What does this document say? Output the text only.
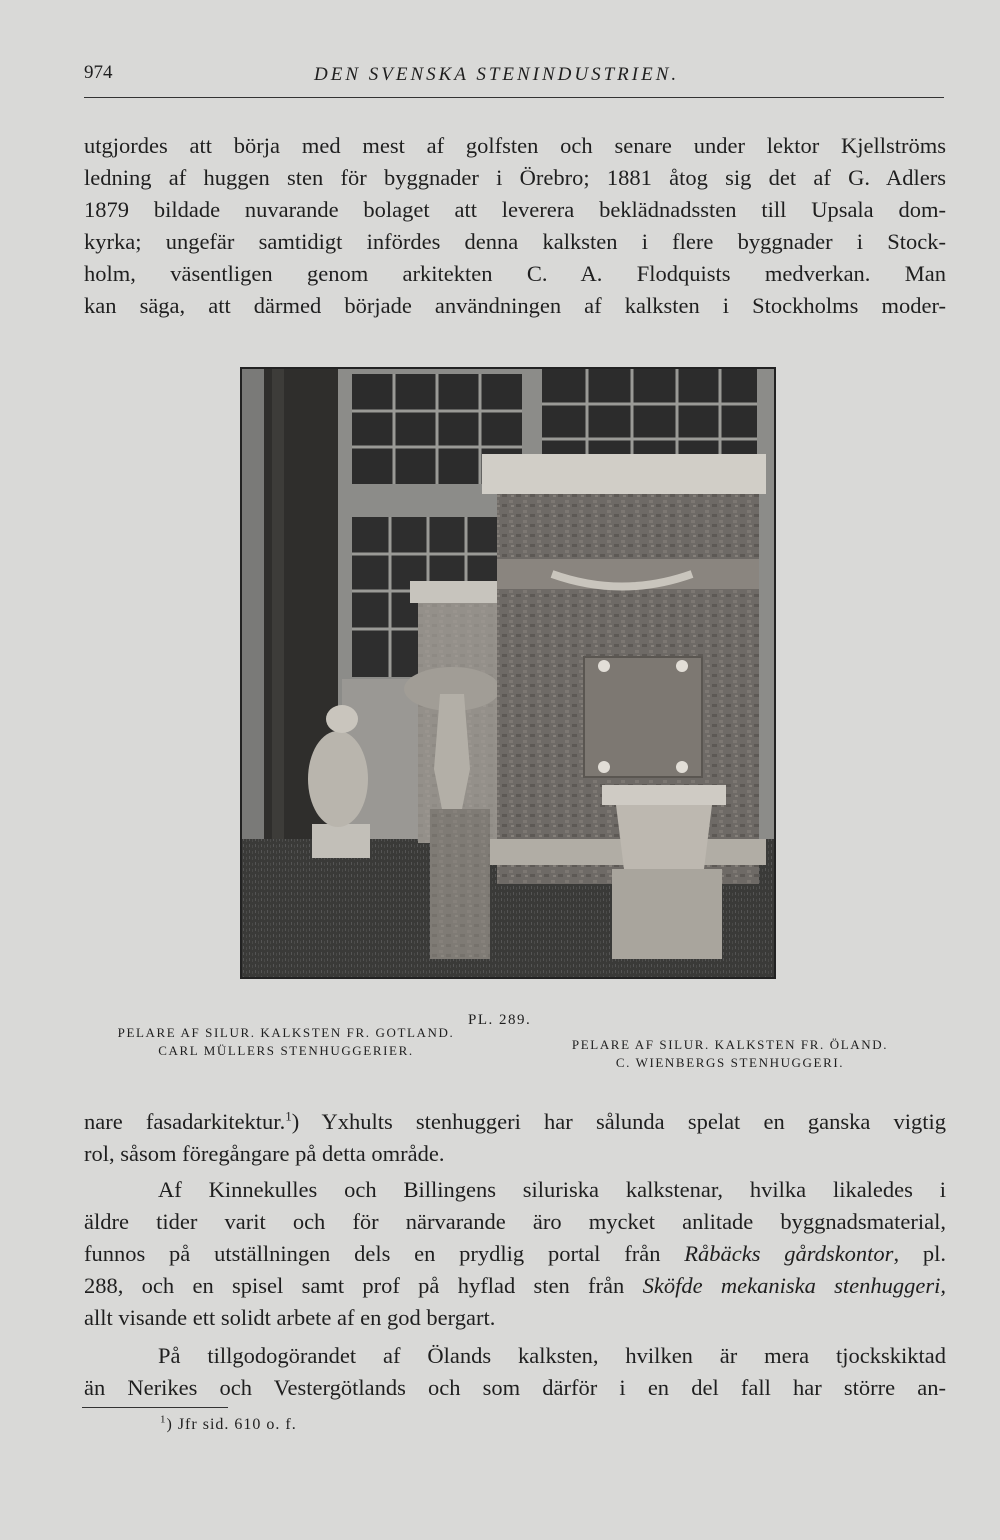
974	DEN SVENSKA STENINDUSTRIEN.
utgjordes att börja med mest af golfsten och senare under lektor Kjellströms
ledning af huggen sten för byggnader i Örebro; 1881 åtog sig det af G. Adlers
1879 bildade nuvarande bolaget att leverera beklädnadssten till Upsala dom-
kyrka; ungefär samtidigt infördes denna kalksten i flere byggnader i Stock-
holm, väsentligen genom arkitekten C. A. Flodquists medverkan. Man
kan säga, att därmed började användningen af kalksten i Stockholms moder-
PL. 289.
PELARE AF SILUR. KALKSTEN FR. GOTLAND.
CARL MÜLLERS STENHUGGERIER.	PELARE AF SILUR. KALKSTEN FR. ÖLAND.
C. WIENBERGS STENHUGGERI.
nare fasadarkitektur.$^1$) Yxhults stenhuggeri har sålunda spelat en ganska vigtig
rol, såsom föregångare på detta område.
Af Kinnekulles och Billingens siluriska kalkstenar, hvilka likaledes i
äldre tider varit och för närvarande äro mycket anlitade byggnadsmaterial,
funnos på utställningen dels en prydlig portal från Råbäcks gårdskontor, pl.
288, och en spisel samt prof på hyflad sten från Sköfde mekaniska stenhuggeri,
allt visande ett solidt arbete af en god bergart.
På tillgodogörandet af Ölands kalksten, hvilken är mera tjockskiktad
än Nerikes och Vestergötlands och som därför i en del fall har större an-
$^1$) Jfr sid. 610 o. f.
